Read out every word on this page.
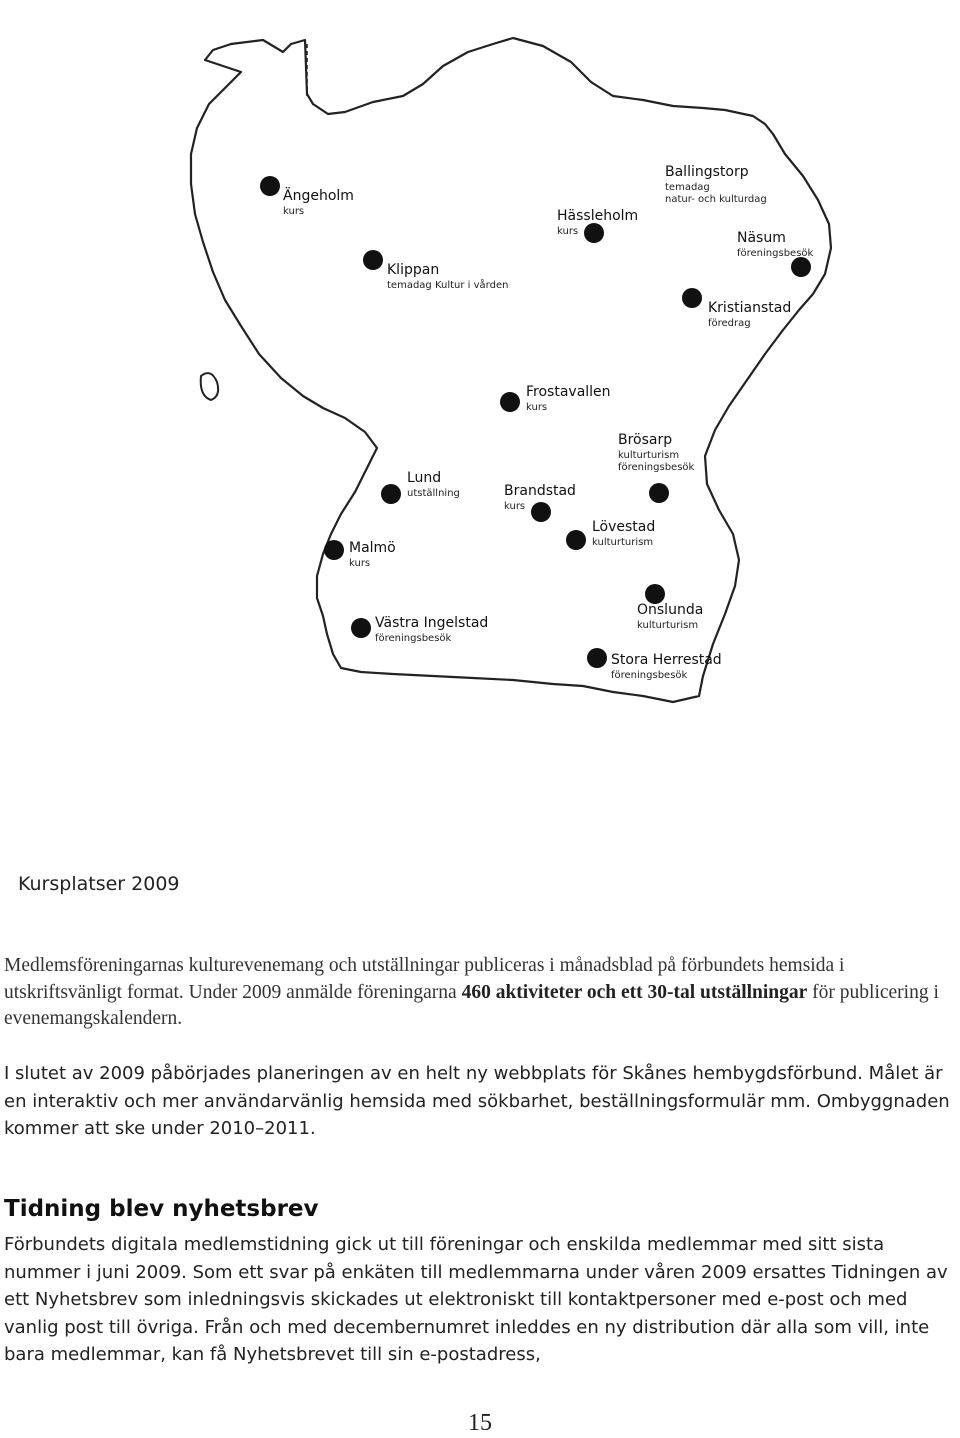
Ängeholm
kurs
Klippan
temadag Kultur i vården
Hässleholm
kurs
Ballingstorp
temadag
natur- och kulturdag
Näsum
föreningsbesök
Kristianstad
föredrag
Frostavallen
kurs
Brösarp
kulturturism
föreningsbesök
Lund
utställning	Brandstad
kurs
Lövestad
kulturturism
Malmö
kurs
Onslunda
kulturturism
Västra Ingelstad
föreningsbesök
Stora Herrestad
föreningsbesök
Kursplatser 2009

Medlemsföreningarnas kulturevenemang och utställningar publiceras i månadsblad på förbundets hemsida i utskriftsvänligt format. Under 2009 anmälde föreningarna 460 aktiviteter och ett 30-tal utställningar för publicering i evenemangskalendern.

I slutet av 2009 påbörjades planeringen av en helt ny webbplats för Skånes hembygdsförbund. Målet är en interaktiv och mer användarvänlig hemsida med sökbarhet, beställningsformulär mm. Ombyggnaden kommer att ske under 2010–2011.

Tidning blev nyhetsbrev

Förbundets digitala medlemstidning gick ut till föreningar och enskilda medlemmar med sitt sista nummer i juni 2009. Som ett svar på enkäten till medlemmarna under våren 2009 ersattes Tidningen av ett Nyhetsbrev som inledningsvis skickades ut elektroniskt till kontaktpersoner med e-post och med vanlig post till övriga. Från och med decembernumret inleddes en ny distribution där alla som vill, inte bara medlemmar, kan få Nyhetsbrevet till sin e-postadress,

15
